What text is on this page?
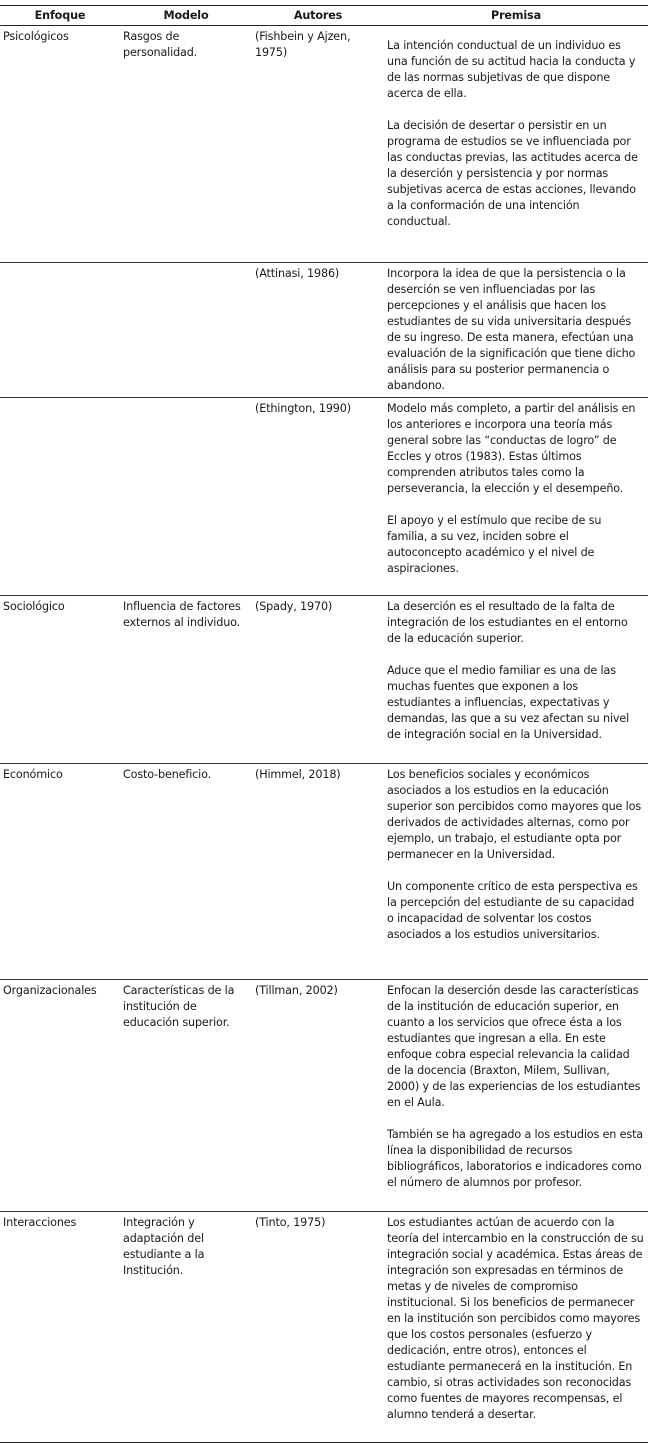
Enfoque	Modelo	Autores	Premisa
Psicológicos	Rasgos de personalidad.	(Fishbein y Ajzen, 1975)	La intención conductual de un individuo es una función de su actitud hacia la conducta y de las normas subjetivas de que dispone acerca de ella.

La decisión de desertar o persistir en un programa de estudios se ve influenciada por las conductas previas, las actitudes acerca de la deserción y persistencia y por normas subjetivas acerca de estas acciones, llevando a la conformación de una intención conductual.

		(Attinasi, 1986)	Incorpora la idea de que la persistencia o la deserción se ven influenciadas por las percepciones y el análisis que hacen los estudiantes de su vida universitaria después de su ingreso. De esta manera, efectúan una evaluación de la significación que tiene dicho análisis para su posterior permanencia o abandono.

		(Ethington, 1990)	Modelo más completo, a partir del análisis en los anteriores e incorpora una teoría más general sobre las “conductas de logro” de Eccles y otros (1983). Estas últimos comprenden atributos tales como la perseverancia, la elección y el desempeño.

El apoyo y el estímulo que recibe de su familia, a su vez, inciden sobre el autoconcepto académico y el nivel de aspiraciones.

Sociológico	Influencia de factores externos al individuo.	(Spady, 1970)	La deserción es el resultado de la falta de integración de los estudiantes en el entorno de la educación superior.

Aduce que el medio familiar es una de las muchas fuentes que exponen a los estudiantes a influencias, expectativas y demandas, las que a su vez afectan su nivel de integración social en la Universidad.

Económico	Costo-beneficio.	(Himmel, 2018)	Los beneficios sociales y económicos asociados a los estudios en la educación superior son percibidos como mayores que los derivados de actividades alternas, como por ejemplo, un trabajo, el estudiante opta por permanecer en la Universidad.

Un componente crítico de esta perspectiva es la percepción del estudiante de su capacidad o incapacidad de solventar los costos asociados a los estudios universitarios.

Organizacionales	Características de la institución de educación superior.	(Tillman, 2002)	Enfocan la deserción desde las características de la institución de educación superior, en cuanto a los servicios que ofrece ésta a los estudiantes que ingresan a ella. En este enfoque cobra especial relevancia la calidad de la docencia (Braxton, Milem, Sullivan, 2000) y de las experiencias de los estudiantes en el Aula.

También se ha agregado a los estudios en esta línea la disponibilidad de recursos bibliográficos, laboratorios e indicadores como el número de alumnos por profesor.

Interacciones	Integración y adaptación del estudiante a la Institución.	(Tinto, 1975)	Los estudiantes actúan de acuerdo con la teoría del intercambio en la construcción de su integración social y académica. Estas áreas de integración son expresadas en términos de metas y de niveles de compromiso institucional. Si los beneficios de permanecer en la institución son percibidos como mayores que los costos personales (esfuerzo y dedicación, entre otros), entonces el estudiante permanecerá en la institución. En cambio, si otras actividades son reconocidas como fuentes de mayores recompensas, el alumno tenderá a desertar.
